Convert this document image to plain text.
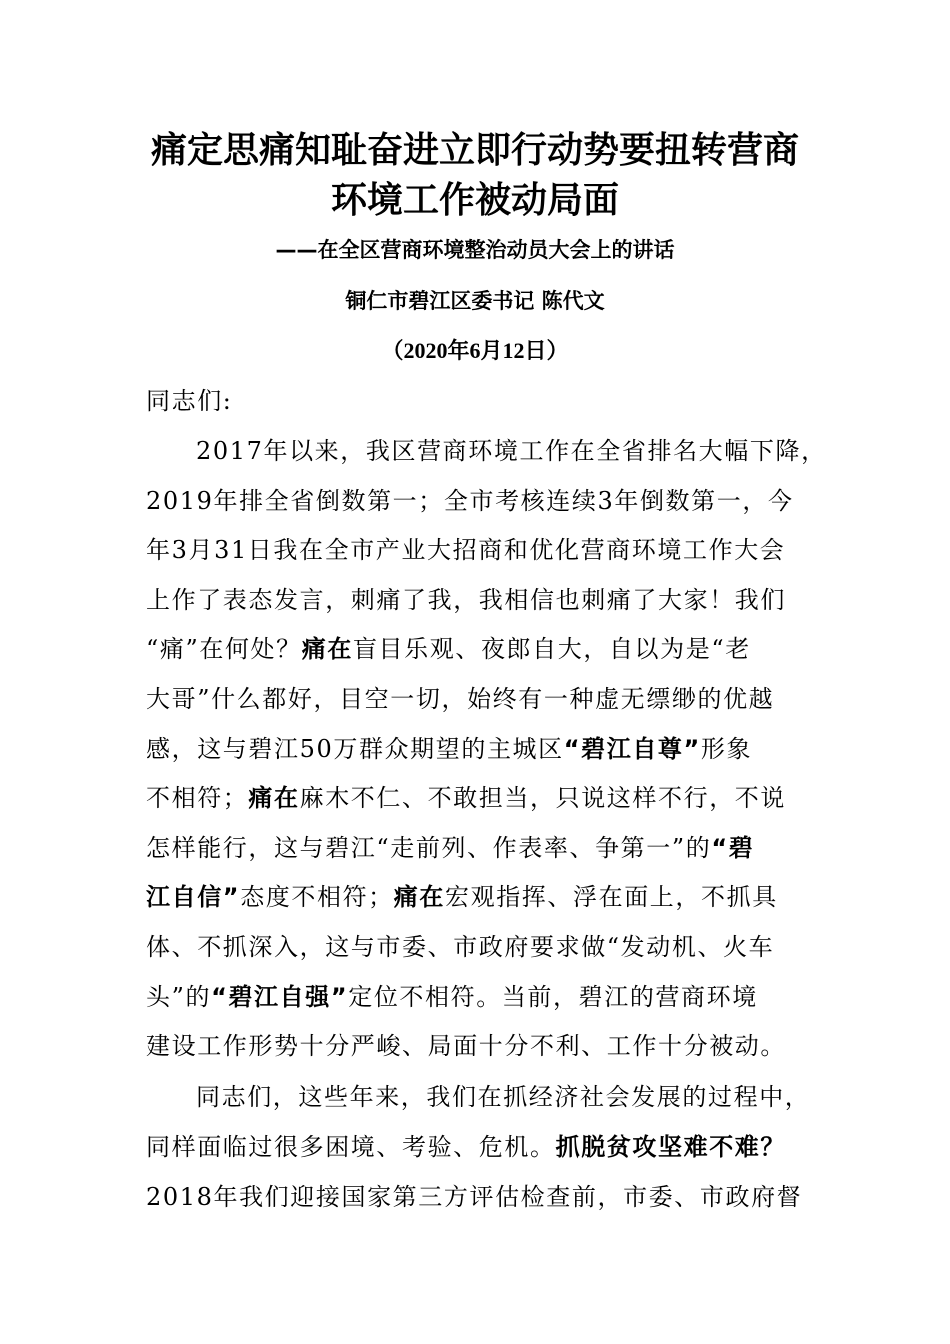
痛定思痛知耻奋进立即行动势要扭转营商
环境工作被动局面
——在全区营商环境整治动员大会上的讲话
铜仁市碧江区委书记 陈代文
（2020年6月12日）
同志们:
2017年以来，我区营商环境工作在全省排名大幅下降，
2019年排全省倒数第一；全市考核连续3年倒数第一，今
年3月31日我在全市产业大招商和优化营商环境工作大会
上作了表态发言，刺痛了我，我相信也刺痛了大家！我们
“痛”在何处？痛在盲目乐观、夜郎自大，自以为是“老
大哥”什么都好，目空一切，始终有一种虚无缥缈的优越
感，这与碧江50万群众期望的主城区“碧江自尊”形象
不相符；痛在麻木不仁、不敢担当，只说这样不行，不说
怎样能行，这与碧江“走前列、作表率、争第一”的“碧
江自信”态度不相符；痛在宏观指挥、浮在面上，不抓具
体、不抓深入，这与市委、市政府要求做“发动机、火车
头”的“碧江自强”定位不相符。当前，碧江的营商环境
建设工作形势十分严峻、局面十分不利、工作十分被动。
同志们，这些年来，我们在抓经济社会发展的过程中，
同样面临过很多困境、考验、危机。抓脱贫攻坚难不难？
2018年我们迎接国家第三方评估检查前，市委、市政府督
